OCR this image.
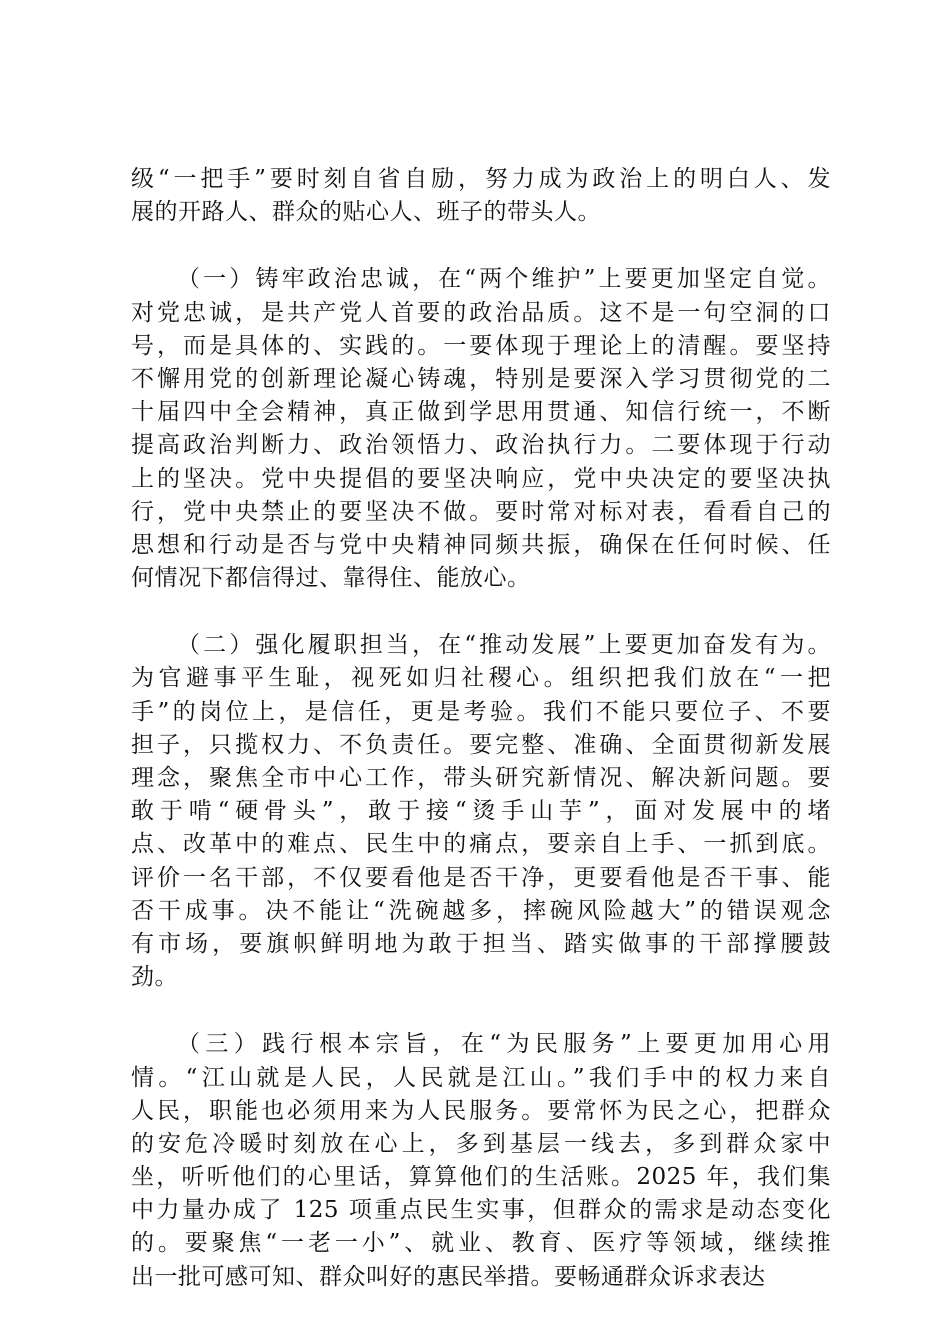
级“一把手”要时刻自省自励，努力成为政治上的明白人、发
展的开路人、群众的贴心人、班子的带头人。
（一）铸牢政治忠诚，在“两个维护”上要更加坚定自觉。
对党忠诚，是共产党人首要的政治品质。这不是一句空洞的口
号，而是具体的、实践的。一要体现于理论上的清醒。要坚持
不懈用党的创新理论凝心铸魂，特别是要深入学习贯彻党的二
十届四中全会精神，真正做到学思用贯通、知信行统一，不断
提高政治判断力、政治领悟力、政治执行力。二要体现于行动
上的坚决。党中央提倡的要坚决响应，党中央决定的要坚决执
行，党中央禁止的要坚决不做。要时常对标对表，看看自己的
思想和行动是否与党中央精神同频共振，确保在任何时候、任
何情况下都信得过、靠得住、能放心。
（二）强化履职担当，在“推动发展”上要更加奋发有为。
为官避事平生耻，视死如归社稷心。组织把我们放在“一把
手”的岗位上，是信任，更是考验。我们不能只要位子、不要
担子，只揽权力、不负责任。要完整、准确、全面贯彻新发展
理念，聚焦全市中心工作，带头研究新情况、解决新问题。要
敢于啃“硬骨头”，敢于接“烫手山芋”，面对发展中的堵
点、改革中的难点、民生中的痛点，要亲自上手、一抓到底。
评价一名干部，不仅要看他是否干净，更要看他是否干事、能
否干成事。决不能让“洗碗越多，摔碗风险越大”的错误观念
有市场，要旗帜鲜明地为敢于担当、踏实做事的干部撑腰鼓
劲。
（三）践行根本宗旨，在“为民服务”上要更加用心用
情。“江山就是人民，人民就是江山。”我们手中的权力来自
人民，职能也必须用来为人民服务。要常怀为民之心，把群众
的安危冷暖时刻放在心上，多到基层一线去，多到群众家中
坐，听听他们的心里话，算算他们的生活账。2025 年，我们集
中力量办成了 125 项重点民生实事，但群众的需求是动态变化
的。要聚焦“一老一小”、就业、教育、医疗等领域，继续推
出一批可感可知、群众叫好的惠民举措。要畅通群众诉求表达
